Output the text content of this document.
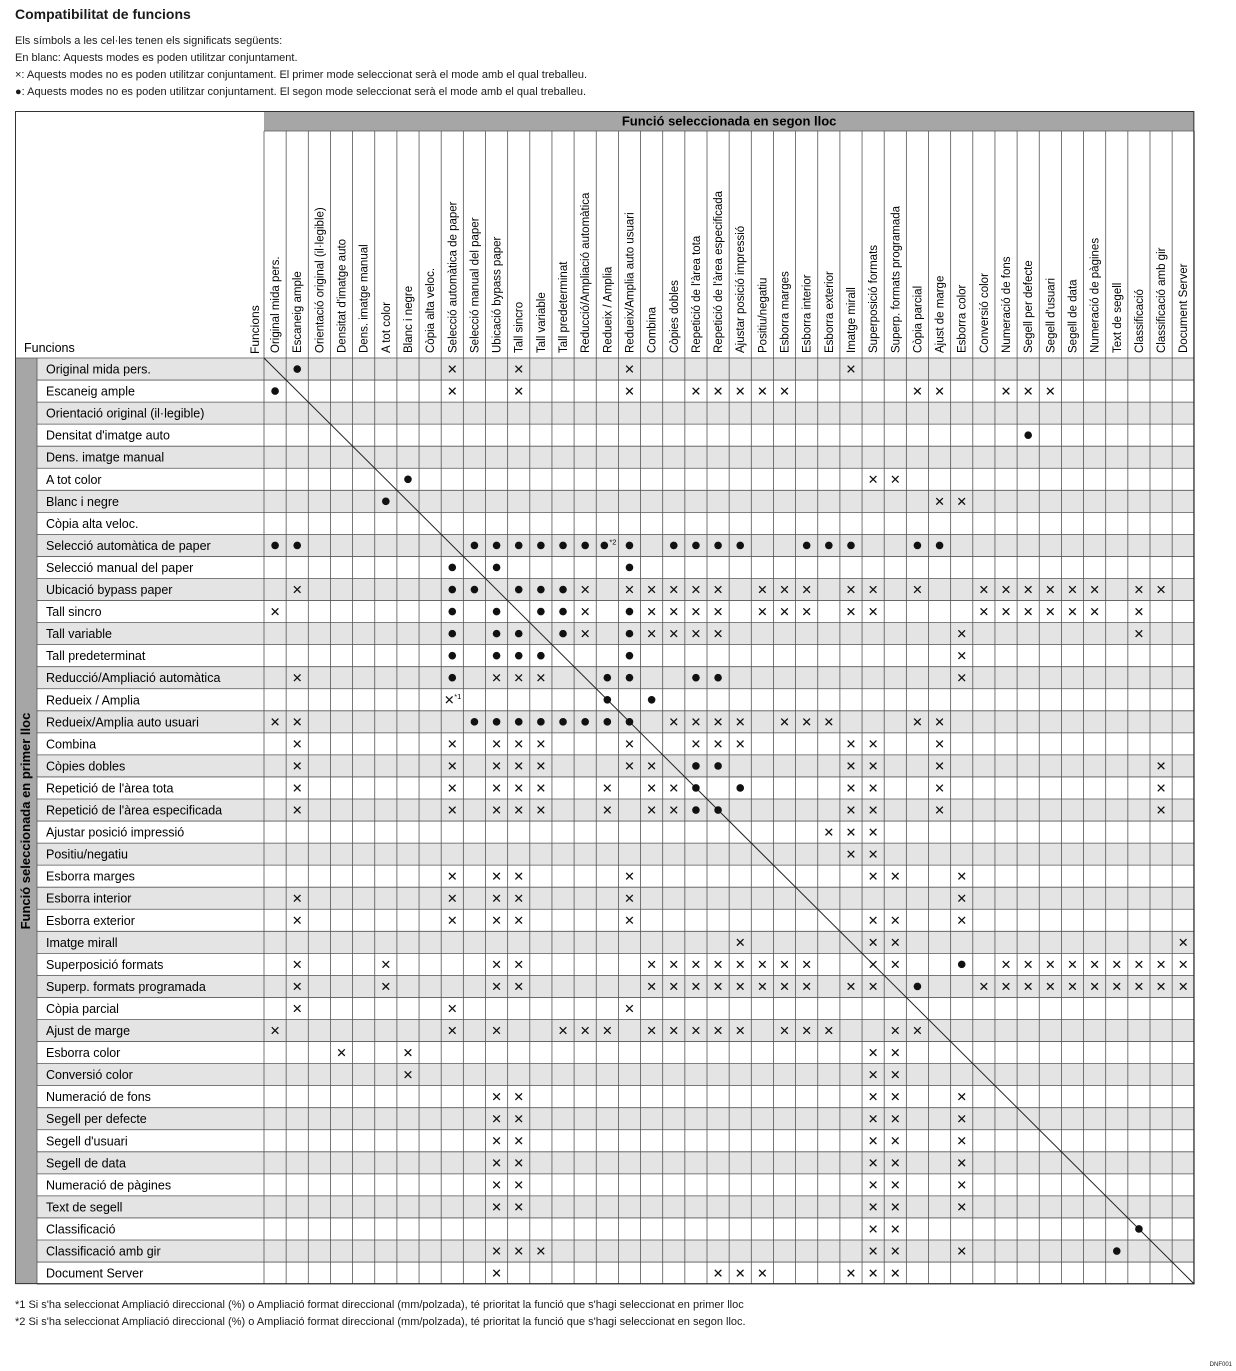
Compatibilitat de funcions
Els símbols a les cel·les tenen els significats següents:
En blanc: Aquests modes es poden utilitzar conjuntament.
×: Aquests modes no es poden utilitzar conjuntament. El primer mode seleccionat serà el mode amb el qual treballeu.
●: Aquests modes no es poden utilitzar conjuntament. El segon mode seleccionat serà el mode amb el qual treballeu.
Funció seleccionada en segon lloc
Funció seleccionada en primer lloc
Funcions	Funcions Original mida pers. Escaneig ample Orientació original (il·legible) Densitat d'imatge auto Dens. imatge manual A tot color Blanc i negre Còpia alta veloc. Selecció automàtica de paper Selecció manual del paper Ubicació bypass paper Tall sincro Tall variable Tall predeterminat Reducció/Ampliació automàtica Redueix / Amplia Redueix/Amplia auto usuari Combina Còpies dobles Repetició de l'àrea tota Repetició de l'àrea especificada Ajustar posició impressió Positiu/negatiu Esborra marges Esborra interior Esborra exterior Imatge mirall Superposició formats Superp. formats programada Còpia parcial Ajust de marge Esborra color Conversió color Numeració de fons Segell per defecte Segell d'usuari Segell de data Numeració de pàgines Text de segell Classificació Classificació amb gir Document Server
Original mida pers.
Escaneig ample
Orientació original (il·legible)
Densitat d'imatge auto
Dens. imatge manual
A tot color
Blanc i negre
Còpia alta veloc.
Selecció automàtica de paper
Selecció manual del paper
Ubicació bypass paper
Tall sincro
Tall variable
Tall predeterminat
Reducció/Ampliació automàtica
Redueix / Amplia
Redueix/Amplia auto usuari
Combina
Còpies dobles
Repetició de l'àrea tota
Repetició de l'àrea especificada
Ajustar posició impressió
Positiu/negatiu
Esborra marges
Esborra interior
Esborra exterior
Imatge mirall
Superposició formats
Superp. formats programada
Còpia parcial
Ajust de marge
Esborra color
Conversió color
Numeració de fons
Segell per defecte
Segell d'usuari
Segell de data
Numeració de pàgines
Text de segell
Classificació
Classificació amb gir
Document Server
*2
*1
*1 Si s'ha seleccionat Ampliació direccional (%) o Ampliació format direccional (mm/polzada), té prioritat la funció que s'hagi seleccionat en primer lloc
*2 Si s'ha seleccionat Ampliació direccional (%) o Ampliació format direccional (mm/polzada), té prioritat la funció que s'hagi seleccionat en segon lloc.
DNF001
